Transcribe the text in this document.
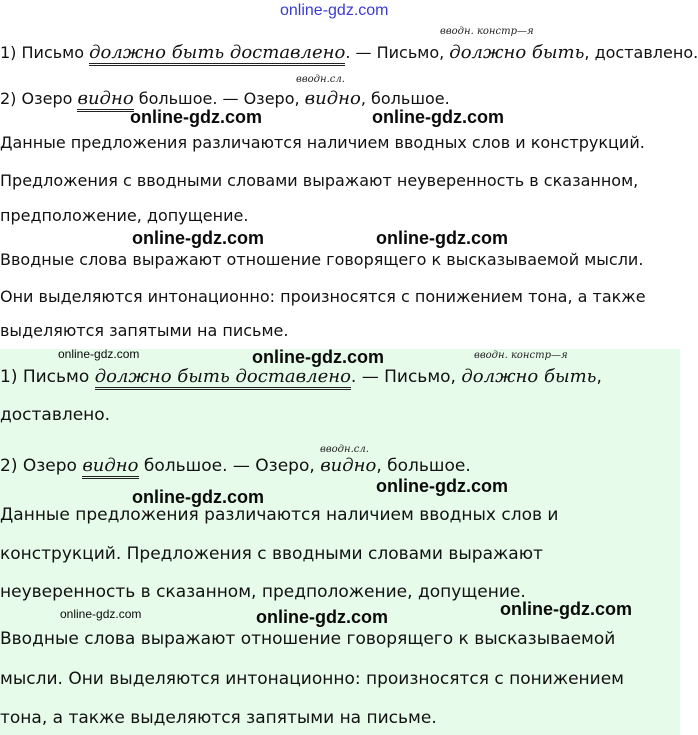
online-gdz.com
вводн. констр—я
1) Письмо должно быть доставлено. — Письмо, должно быть, доставлено.
вводн.сл.
2) Озеро видно большое. — Озеро, видно, большое.
online-gdz.com	online-gdz.com
Данные предложения различаются наличием вводных слов и конструкций.
Предложения с вводными словами выражают неуверенность в сказанном,
предположение, допущение.
online-gdz.com	online-gdz.com
Вводные слова выражают отношение говорящего к высказываемой мысли.
Они выделяются интонационно: произносятся с понижением тона, а также
выделяются запятыми на письме.
online-gdz.com	online-gdz.com	вводн. констр—я
1) Письмо должно быть доставлено. — Письмо, должно быть,
доставлено.
вводн.сл.
2) Озеро видно большое. — Озеро, видно, большое.
online-gdz.com
online-gdz.com
Данные предложения различаются наличием вводных слов и
конструкций. Предложения с вводными словами выражают
неуверенность в сказанном, предположение, допущение.
online-gdz.com
online-gdz.com	online-gdz.com
Вводные слова выражают отношение говорящего к высказываемой
мысли. Они выделяются интонационно: произносятся с понижением
тона, а также выделяются запятыми на письме.
